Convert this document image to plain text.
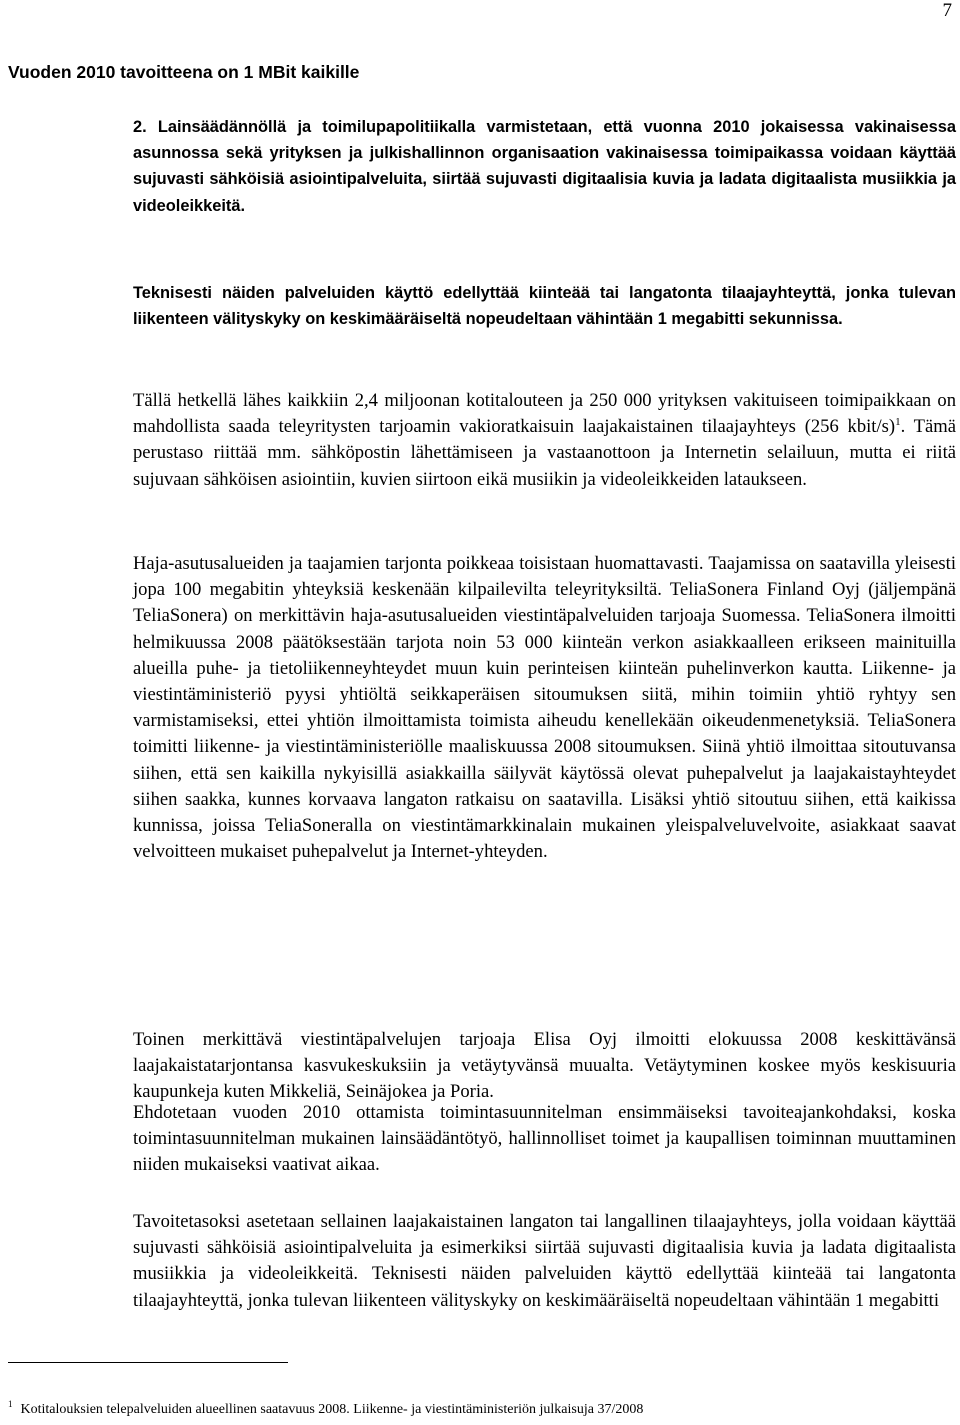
7
Vuoden 2010 tavoitteena on 1 MBit kaikille

2. Lainsäädännöllä ja toimilupapolitiikalla varmistetaan, että vuonna 2010 jokaisessa vakinaisessa asunnossa sekä yrityksen ja julkishallinnon organisaation vakinaisessa toimipaikassa voidaan käyttää sujuvasti sähköisiä asiointipalveluita, siirtää sujuvasti digitaalisia kuvia ja ladata digitaalista musiikkia ja videoleikkeitä.

Teknisesti näiden palveluiden käyttö edellyttää kiinteää tai langatonta tilaajayhteyttä, jonka tulevan liikenteen välityskyky on keskimääräiseltä nopeudeltaan vähintään 1 megabitti sekunnissa.

Tällä hetkellä lähes kaikkiin 2,4 miljoonan kotitalouteen ja 250 000 yrityksen vakituiseen toimipaikkaan on mahdollista saada teleyritysten tarjoamin vakioratkaisuin laajakaistainen tilaajayhteys (256 kbit/s)$^1$. Tämä perustaso riittää mm. sähköpostin lähettämiseen ja vastaanottoon ja Internetin selailuun, mutta ei riitä sujuvaan sähköisen asiointiin, kuvien siirtoon eikä musiikin ja videoleikkeiden lataukseen.

Haja-asutusalueiden ja taajamien tarjonta poikkeaa toisistaan huomattavasti. Taajamissa on saatavilla yleisesti jopa 100 megabitin yhteyksiä keskenään kilpailevilta teleyrityksiltä. TeliaSonera Finland Oyj (jäljempänä TeliaSonera) on merkittävin haja-asutusalueiden viestintäpalveluiden tarjoaja Suomessa. TeliaSonera ilmoitti helmikuussa 2008 päätöksestään tarjota noin 53 000 kiinteän verkon asiakkaalleen erikseen mainituilla alueilla puhe- ja tietoliikenneyhteydet muun kuin perinteisen kiinteän puhelinverkon kautta. Liikenne- ja viestintäministeriö pyysi yhtiöltä seikkaperäisen sitoumuksen siitä, mihin toimiin yhtiö ryhtyy sen varmistamiseksi, ettei yhtiön ilmoittamista toimista aiheudu kenellekään oikeudenmenetyksiä. TeliaSonera toimitti liikenne- ja viestintäministeriölle maaliskuussa 2008 sitoumuksen. Siinä yhtiö ilmoittaa sitoutuvansa siihen, että sen kaikilla nykyisillä asiakkailla säilyvät käytössä olevat puhepalvelut ja laajakaistayhteydet siihen saakka, kunnes korvaava langaton ratkaisu on saatavilla. Lisäksi yhtiö sitoutuu siihen, että kaikissa kunnissa, joissa TeliaSoneralla on viestintämarkkinalain mukainen yleispalveluvelvoite, asiakkaat saavat velvoitteen mukaiset puhepalvelut ja Internet-yhteyden.

Toinen merkittävä viestintäpalvelujen tarjoaja Elisa Oyj ilmoitti elokuussa 2008 keskittävänsä laajakaistatarjontansa kasvukeskuksiin ja vetäytyvänsä muualta. Vetäytyminen koskee myös keskisuuria kaupunkeja kuten Mikkeliä, Seinäjokea ja Poria.

Ehdotetaan vuoden 2010 ottamista toimintasuunnitelman ensimmäiseksi tavoiteajankohdaksi, koska toimintasuunnitelman mukainen lainsäädäntötyö, hallinnolliset toimet ja kaupallisen toiminnan muuttaminen niiden mukaiseksi vaativat aikaa.

Tavoitetasoksi asetetaan sellainen laajakaistainen langaton tai langallinen tilaajayhteys, jolla voidaan käyttää sujuvasti sähköisiä asiointipalveluita ja esimerkiksi siirtää sujuvasti digitaalisia kuvia ja ladata digitaalista musiikkia ja videoleikkeitä. Teknisesti näiden palveluiden käyttö edellyttää kiinteää tai langatonta tilaajayhteyttä, jonka tulevan liikenteen välityskyky on keskimääräiseltä nopeudeltaan vähintään 1 megabitti

$^1$ Kotitalouksien telepalveluiden alueellinen saatavuus 2008. Liikenne- ja viestintäministeriön julkaisuja 37/2008
